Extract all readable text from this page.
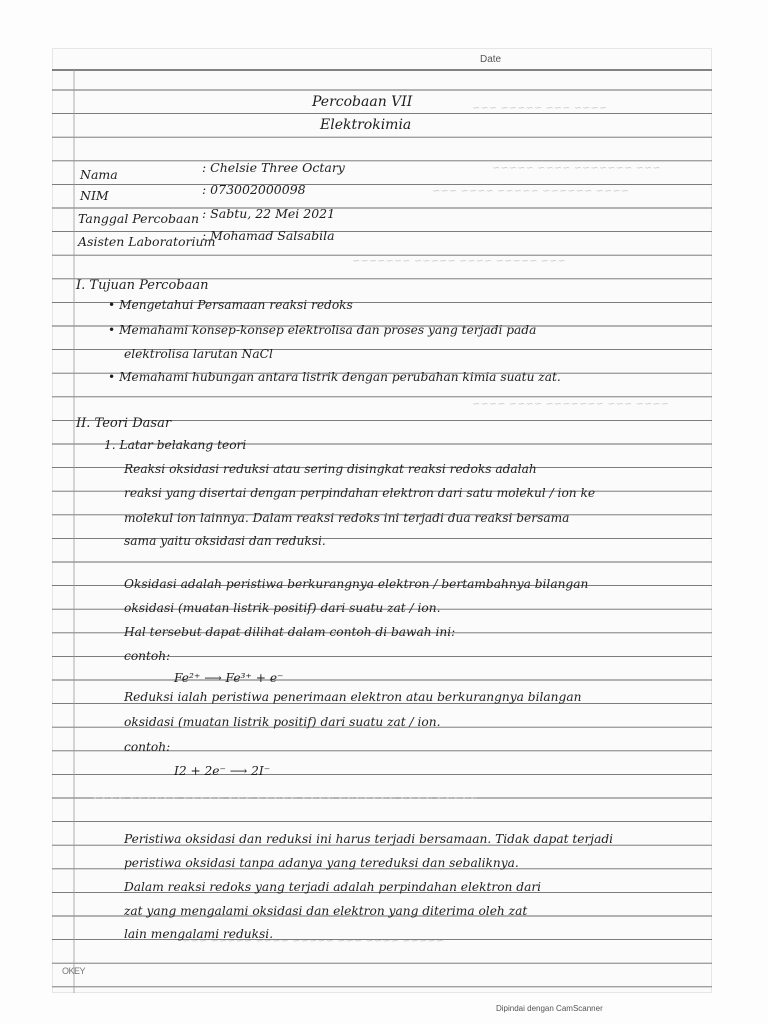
Date
Percobaan VII
Elektrokimia
Nama	: Chelsie Three Octary
NIM	: 073002000098
Tanggal Percobaan : Sabtu, 22 Mei 2021
Asisten Laboratorium
: Mohamad Salsabila
I. Tujuan Percobaan
• Mengetahui Persamaan reaksi redoks
• Memahami konsep-konsep elektrolisa dan proses yang terjadi pada
elektrolisa larutan NaCl
• Memahami hubungan antara listrik dengan perubahan kimia suatu zat.
II. Teori Dasar
1. Latar belakang teori
Reaksi oksidasi reduksi atau sering disingkat reaksi redoks adalah
reaksi yang disertai dengan perpindahan elektron dari satu molekul / ion ke
molekul ion lainnya. Dalam reaksi redoks ini terjadi dua reaksi bersama
sama yaitu oksidasi dan reduksi.
Oksidasi adalah peristiwa berkurangnya elektron / bertambahnya bilangan
oksidasi (muatan listrik positif) dari suatu zat / ion.
Hal tersebut dapat dilihat dalam contoh di bawah ini:
contoh:
Fe²⁺ ⟶ Fe³⁺ + e⁻
Reduksi ialah peristiwa penerimaan elektron atau berkurangnya bilangan
oksidasi (muatan listrik positif) dari suatu zat / ion.
contoh:
I2 + 2e⁻ ⟶ 2I⁻
Peristiwa oksidasi dan reduksi ini harus terjadi bersamaan. Tidak dapat terjadi
peristiwa oksidasi tanpa adanya yang tereduksi dan sebaliknya.
Dalam reaksi redoks yang terjadi adalah perpindahan elektron dari
zat yang mengalami oksidasi dan elektron yang diterima oleh zat
lain mengalami reduksi.
OKEY
~~~~ ~~~ ~~~~~ ~~~
~~~ ~~~~~~~ ~~~~ ~~~~~
~~~~ ~~~~~~ ~~~~~ ~~~~ ~~~
~~~ ~~~~~ ~~~~ ~~~~~ ~~~~~~~
~~~~ ~~~ ~~~~~~~ ~~~~ ~~~~
~~~~~ ~~~~ ~~~~~~~ ~~~~ ~~~~~ ~~~ ~~~~~ ~~~~~~ ~~~~
~~~~~ ~~~~ ~~~ ~~~~~ ~~~~ ~~~~~ ~~~
Dipindai dengan CamScanner
